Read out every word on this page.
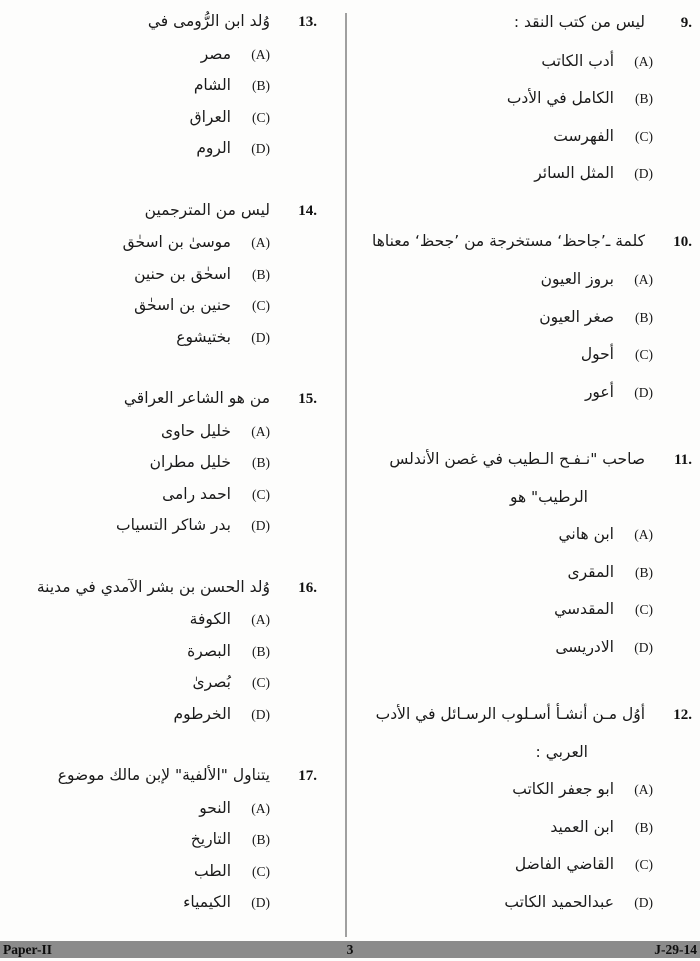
9.
ليس من كتب النقد :
(A)
أدب الكاتب
(B)
الكامل في الأدب
(C)
الفهرست
(D)
المثل السائر
10.
كلمة ـ’جاحظ‘ مستخرجة من ’جحظ‘ معناها
(A)
بروز العيون
(B)
صغر العيون
(C)
أحول
(D)
أعور
11.
صاحب "نـفـح الـطيب في غصن الأندلس
الرطيب" هو
(A)
ابن هاني
(B)
المقرى
(C)
المقدسي
(D)
الادريسى
12.
أوُل مـن أنشـأ أسـلوب الرسـائل في الأدب
العربي :
(A)
ابو جعفر الكاتب
(B)
ابن العميد
(C)
القاضي الفاضل
(D)
عبدالحميد الكاتب
13.
وُلد ابن الرُّومى في
(A)
مصر
(B)
الشام
(C)
العراق
(D)
الروم
14.
ليس من المترجمين
(A)
موسىٰ بن اسحٰق
(B)
اسحٰق بن حنين
(C)
حنين بن اسحٰق
(D)
بختيشوع
15.
من هو الشاعر العراقي
(A)
خليل حاوى
(B)
خليل مطران
(C)
احمد رامى
(D)
بدر شاكر التسياب
16.
وُلد الحسن بن بشر الآمدي في مدينة
(A)
الكوفة
(B)
البصرة
(C)
بُصرىٰ
(D)
الخرطوم
17.
يتناول "الألفية" لإبن مالك موضوع
(A)
النحو
(B)
التاريخ
(C)
الطب
(D)
الكيمياء
Paper-II	3	J-29-14
